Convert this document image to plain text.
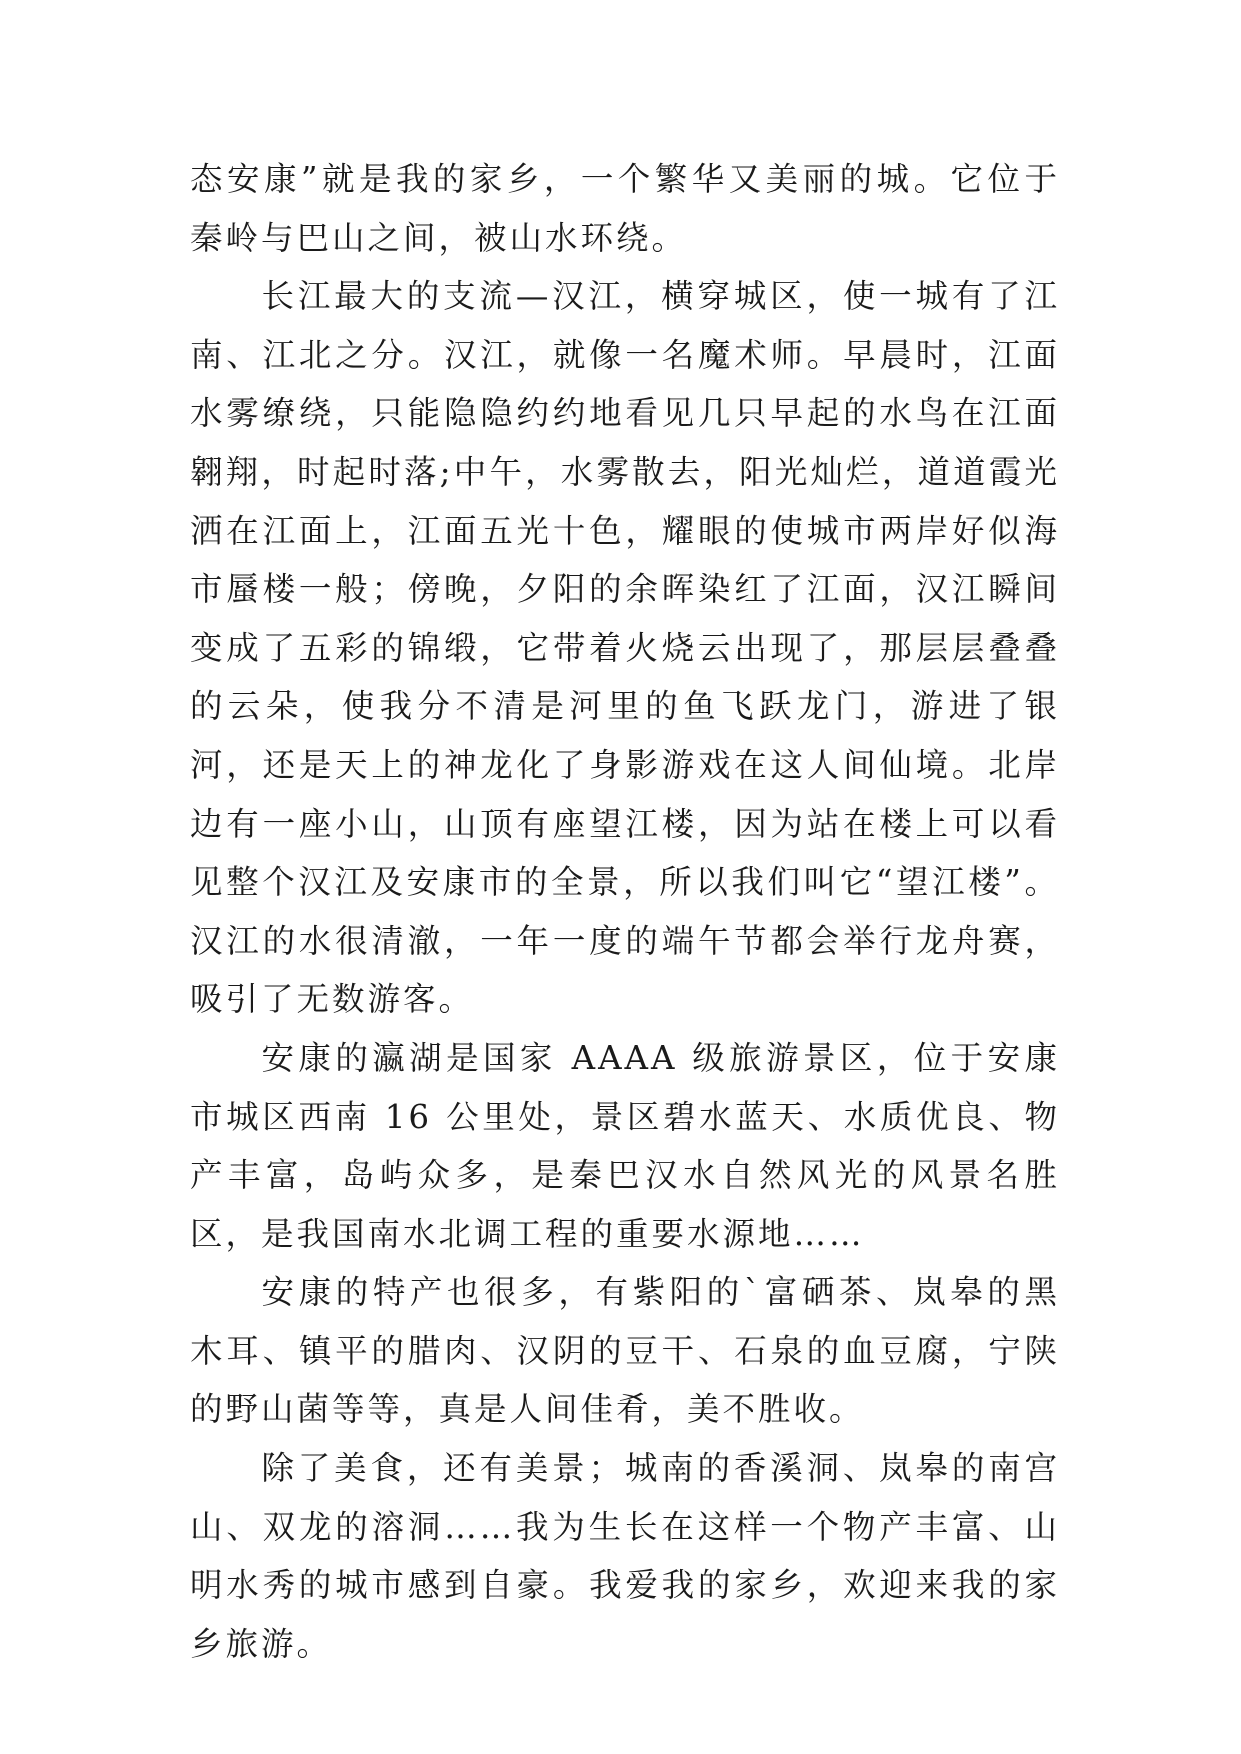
态安康”就是我的家乡，一个繁华又美丽的城。它位于秦岭与巴山之间，被山水环绕。

长江最大的支流—汉江，横穿城区，使一城有了江南、江北之分。汉江，就像一名魔术师。早晨时，江面水雾缭绕，只能隐隐约约地看见几只早起的水鸟在江面翱翔，时起时落;中午，水雾散去，阳光灿烂，道道霞光洒在江面上，江面五光十色，耀眼的使城市两岸好似海市蜃楼一般；傍晚，夕阳的余晖染红了江面，汉江瞬间变成了五彩的锦缎，它带着火烧云出现了，那层层叠叠的云朵，使我分不清是河里的鱼飞跃龙门，游进了银河，还是天上的神龙化了身影游戏在这人间仙境。北岸边有一座小山，山顶有座望江楼，因为站在楼上可以看见整个汉江及安康市的全景，所以我们叫它“望江楼”。汉江的水很清澈，一年一度的端午节都会举行龙舟赛，吸引了无数游客。

安康的瀛湖是国家 AAAA 级旅游景区，位于安康市城区西南 16 公里处，景区碧水蓝天、水质优良、物产丰富，岛屿众多，是秦巴汉水自然风光的风景名胜区，是我国南水北调工程的重要水源地……

安康的特产也很多，有紫阳的`富硒茶、岚皋的黑木耳、镇平的腊肉、汉阴的豆干、石泉的血豆腐，宁陕的野山菌等等，真是人间佳肴，美不胜收。

除了美食，还有美景；城南的香溪洞、岚皋的南宫山、双龙的溶洞……我为生长在这样一个物产丰富、山明水秀的城市感到自豪。我爱我的家乡，欢迎来我的家乡旅游。
